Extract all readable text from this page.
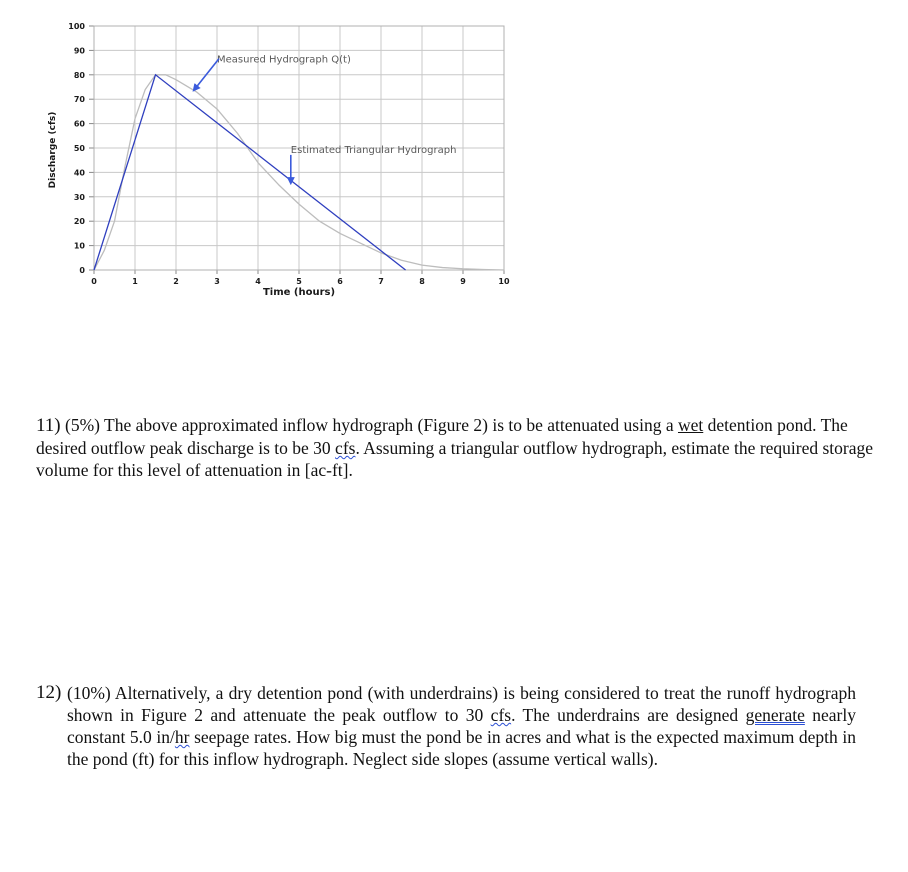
0
10
20
30
40
50
60
70
80
90
100
0	1	2	3	4	5	6	7	8	9	10
Discharge (cfs)
Time (hours)
Measured Hydrograph Q(t)
Estimated Triangular Hydrograph

11) (5%) The above approximated inflow hydrograph (Figure 2) is to be attenuated using a wet detention pond. The desired outflow peak discharge is to be 30 cfs. Assuming a triangular outflow hydrograph, estimate the required storage volume for this level of attenuation in [ac-ft].

12) (10%) Alternatively, a dry detention pond (with underdrains) is being considered to treat the runoff hydrograph shown in Figure 2 and attenuate the peak outflow to 30 cfs. The underdrains are designed generate nearly constant 5.0 in/hr seepage rates. How big must the pond be in acres and what is the expected maximum depth in the pond (ft) for this inflow hydrograph. Neglect side slopes (assume vertical walls).
